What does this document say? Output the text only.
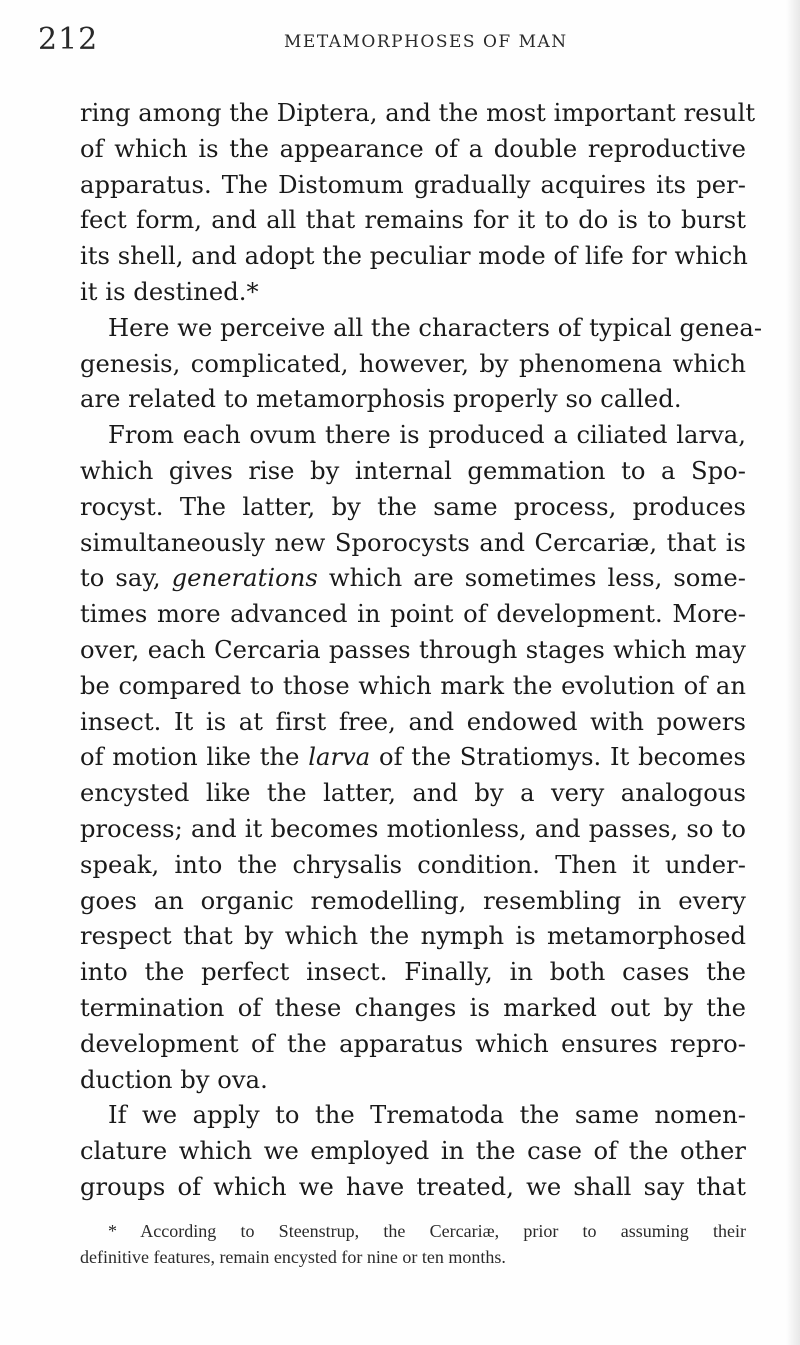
212	METAMORPHOSES OF MAN
ring among the Diptera, and the most important result
of which is the appearance of a double reproductive
apparatus. The Distomum gradually acquires its per-
fect form, and all that remains for it to do is to burst
its shell, and adopt the peculiar mode of life for which
it is destined.*
Here we perceive all the characters of typical genea-
genesis, complicated, however, by phenomena which
are related to metamorphosis properly so called.
From each ovum there is produced a ciliated larva,
which gives rise by internal gemmation to a Spo-
rocyst. The latter, by the same process, produces
simultaneously new Sporocysts and Cercariæ, that is
to say, generations which are sometimes less, some-
times more advanced in point of development. More-
over, each Cercaria passes through stages which may
be compared to those which mark the evolution of an
insect. It is at first free, and endowed with powers
of motion like the larva of the Stratiomys. It becomes
encysted like the latter, and by a very analogous
process; and it becomes motionless, and passes, so to
speak, into the chrysalis condition. Then it under-
goes an organic remodelling, resembling in every
respect that by which the nymph is metamorphosed
into the perfect insect. Finally, in both cases the
termination of these changes is marked out by the
development of the apparatus which ensures repro-
duction by ova.
If we apply to the Trematoda the same nomen-
clature which we employed in the case of the other
groups of which we have treated, we shall say that
* According to Steenstrup, the Cercariæ, prior to assuming their
definitive features, remain encysted for nine or ten months.
